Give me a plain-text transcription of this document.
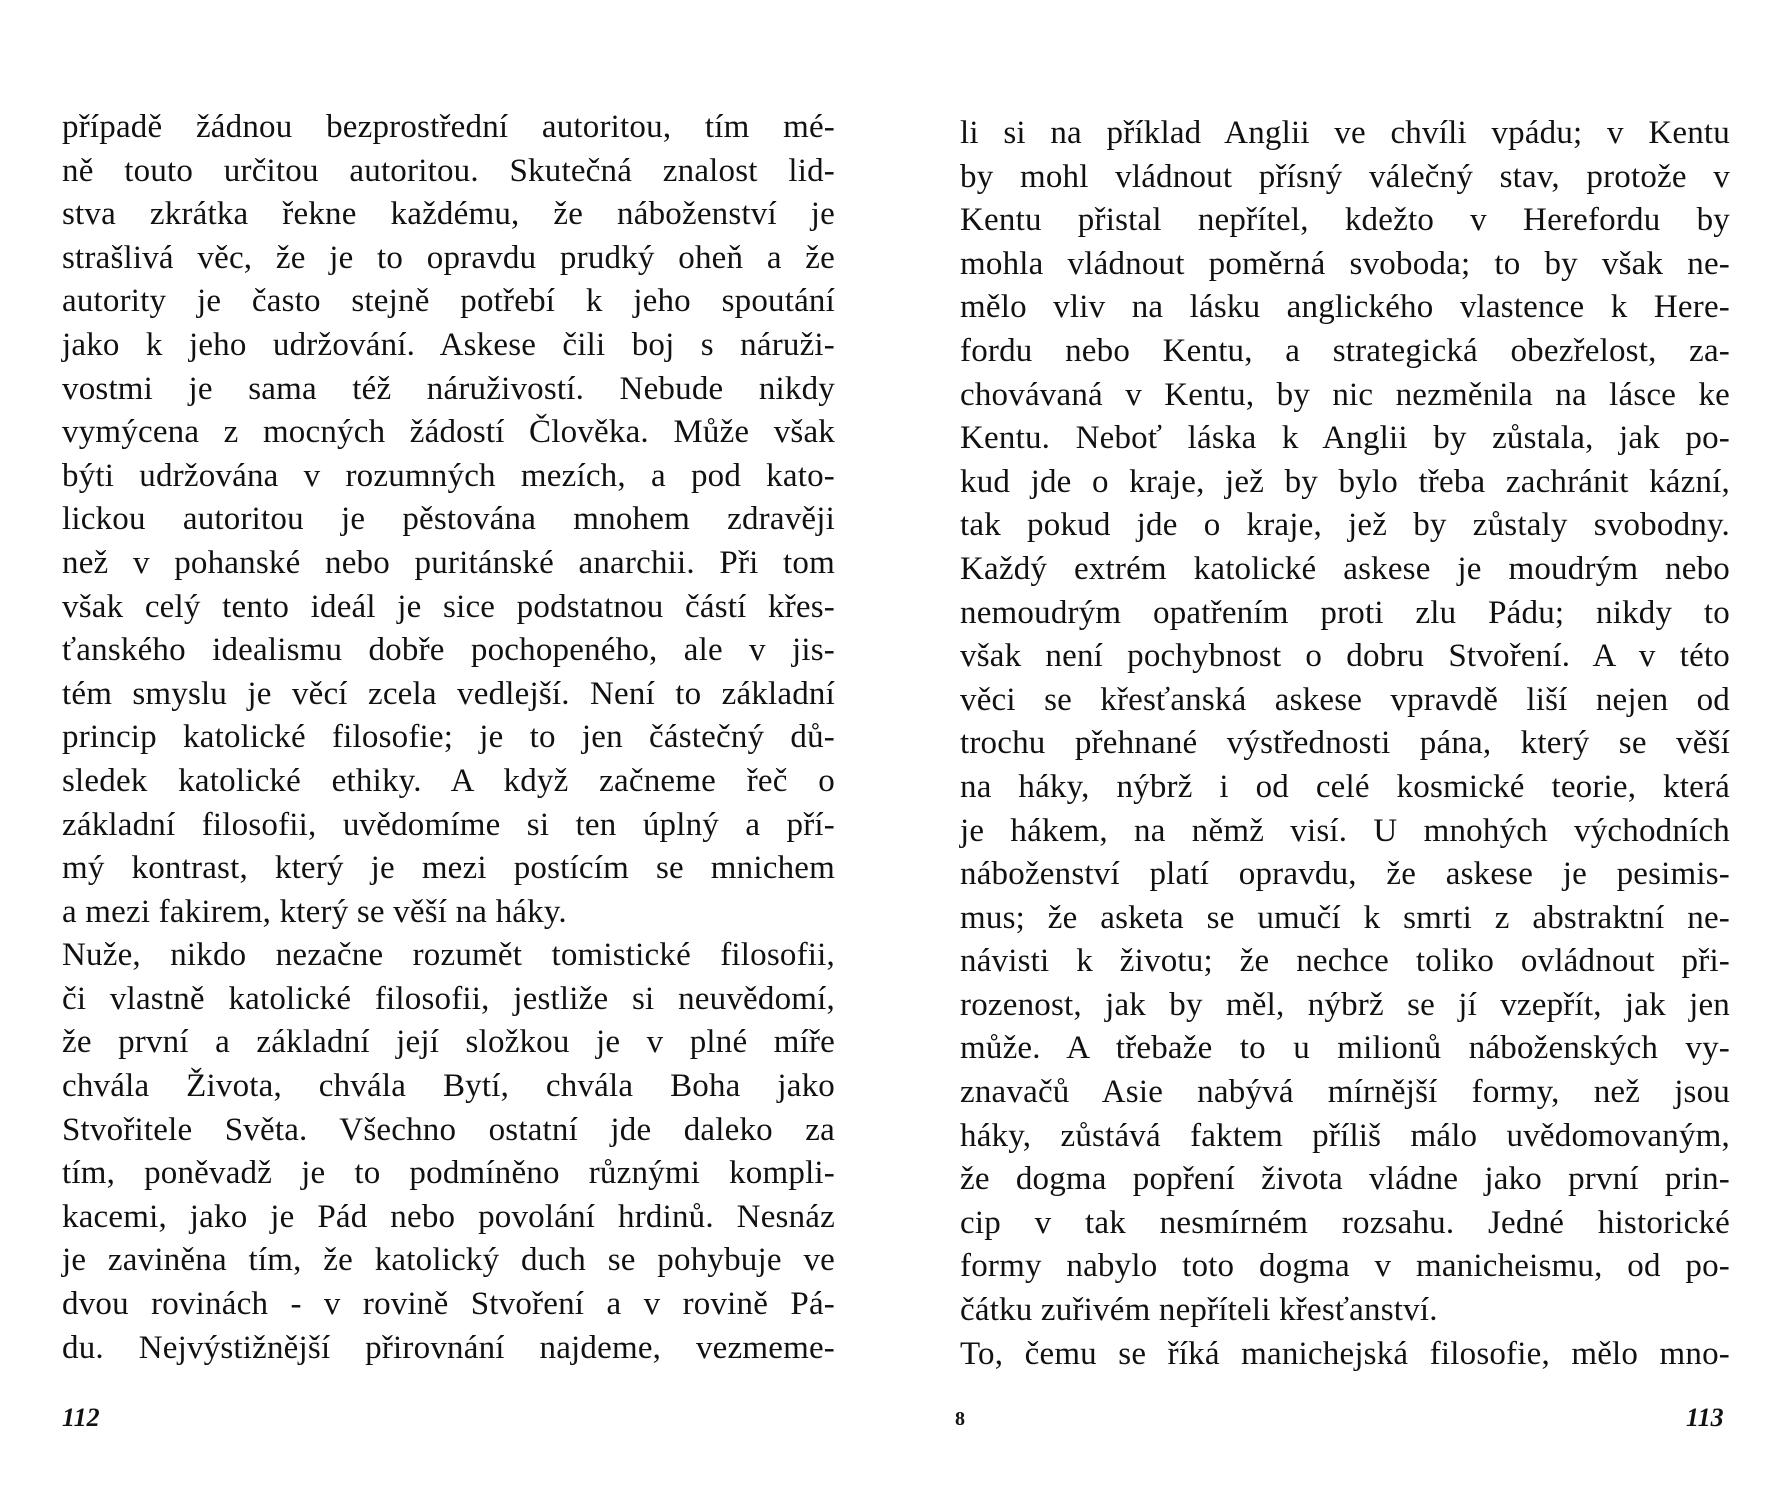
případě žádnou bezprostřední autoritou, tím mé-
ně touto určitou autoritou. Skutečná znalost lid-
stva zkrátka řekne každému, že náboženství je
strašlivá věc, že je to opravdu prudký oheň a že
autority je často stejně potřebí k jeho spoutání
jako k jeho udržování. Askese čili boj s náruži-
vostmi je sama též náruživostí. Nebude nikdy
vymýcena z mocných žádostí Člověka. Může však
býti udržována v rozumných mezích, a pod kato-
lickou autoritou je pěstována mnohem zdravěji
než v pohanské nebo puritánské anarchii. Při tom
však celý tento ideál je sice podstatnou částí křes-
ťanského idealismu dobře pochopeného, ale v jis-
tém smyslu je věcí zcela vedlejší. Není to základní
princip katolické filosofie; je to jen částečný dů-
sledek katolické ethiky. A když začneme řeč o
základní filosofii, uvědomíme si ten úplný a pří-
mý kontrast, který je mezi postícím se mnichem
a mezi fakirem, který se věší na háky.
Nuže, nikdo nezačne rozumět tomistické filosofii,
či vlastně katolické filosofii, jestliže si neuvědomí,
že první a základní její složkou je v plné míře
chvála Života, chvála Bytí, chvála Boha jako
Stvořitele Světa. Všechno ostatní jde daleko za
tím, poněvadž je to podmíněno různými kompli-
kacemi, jako je Pád nebo povolání hrdinů. Nesnáz
je zaviněna tím, že katolický duch se pohybuje ve
dvou rovinách - v rovině Stvoření a v rovině Pá-
du. Nejvýstižnější přirovnání najdeme, vezmeme-
112	8
li si na příklad Anglii ve chvíli vpádu; v Kentu
by mohl vládnout přísný válečný stav, protože v
Kentu přistal nepřítel, kdežto v Herefordu by
mohla vládnout poměrná svoboda; to by však ne-
mělo vliv na lásku anglického vlastence k Here-
fordu nebo Kentu, a strategická obezřelost, za-
chovávaná v Kentu, by nic nezměnila na lásce ke
Kentu. Neboť láska k Anglii by zůstala, jak po-
kud jde o kraje, jež by bylo třeba zachránit kázní,
tak pokud jde o kraje, jež by zůstaly svobodny.
Každý extrém katolické askese je moudrým nebo
nemoudrým opatřením proti zlu Pádu; nikdy to
však není pochybnost o dobru Stvoření. A v této
věci se křesťanská askese vpravdě liší nejen od
trochu přehnané výstřednosti pána, který se věší
na háky, nýbrž i od celé kosmické teorie, která
je hákem, na němž visí. U mnohých východních
náboženství platí opravdu, že askese je pesimis-
mus; že asketa se umučí k smrti z abstraktní ne-
návisti k životu; že nechce toliko ovládnout při-
rozenost, jak by měl, nýbrž se jí vzepřít, jak jen
může. A třebaže to u milionů náboženských vy-
znavačů Asie nabývá mírnější formy, než jsou
háky, zůstává faktem příliš málo uvědomovaným,
že dogma popření života vládne jako první prin-
cip v tak nesmírném rozsahu. Jedné historické
formy nabylo toto dogma v manicheismu, od po-
čátku zuřivém nepříteli křesťanství.
To, čemu se říká manichejská filosofie, mělo mno-
113
